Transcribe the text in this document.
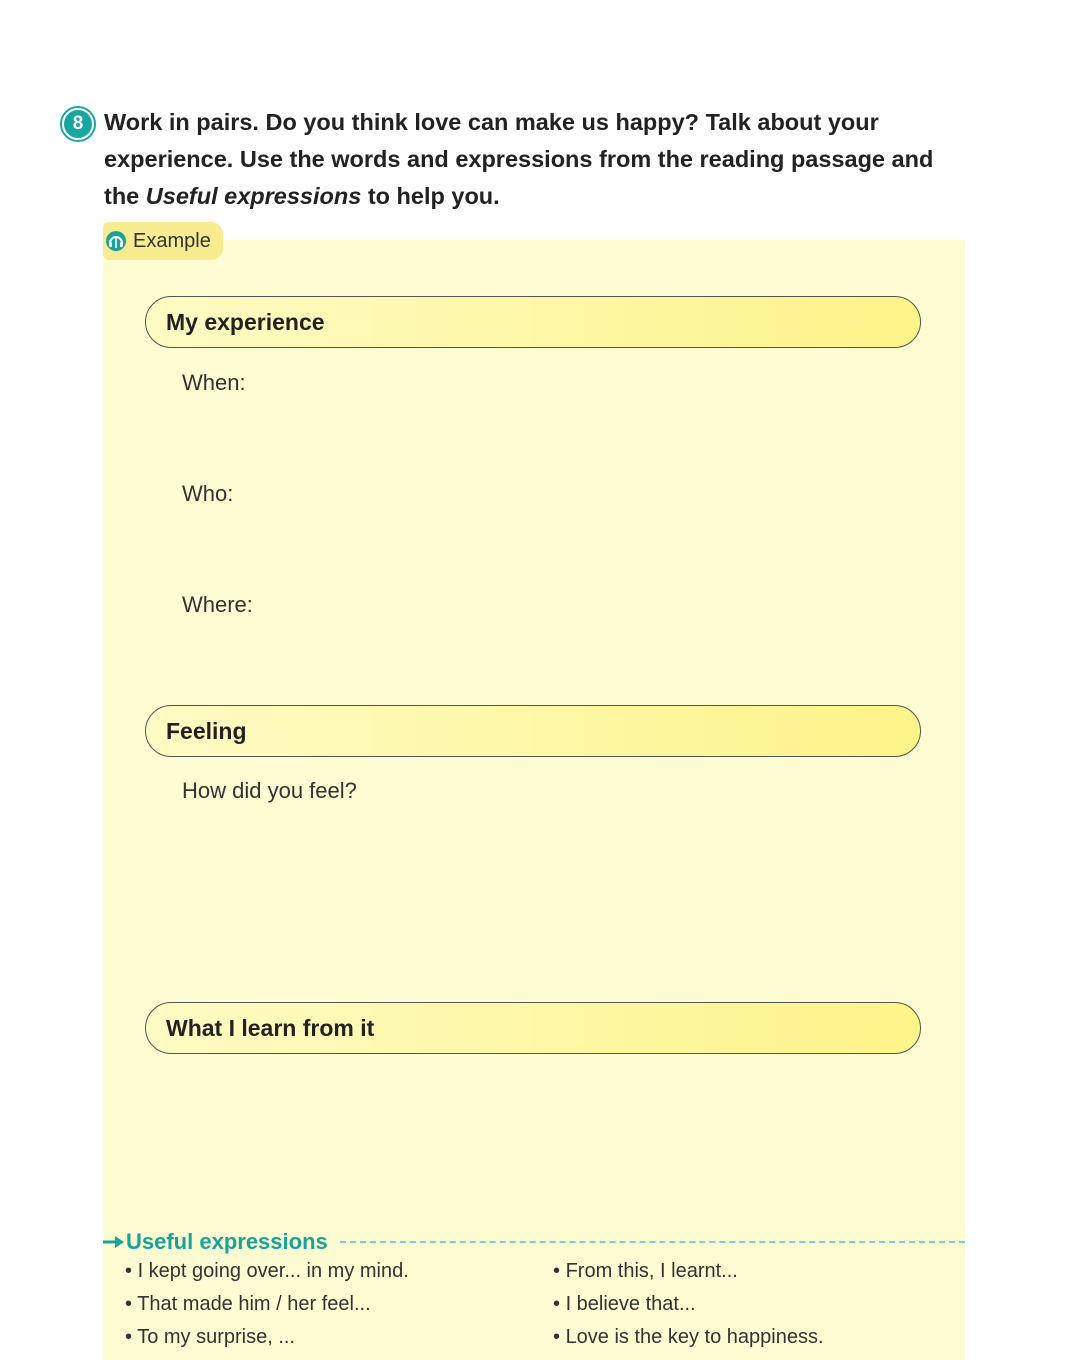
8 Work in pairs. Do you think love can make us happy? Talk about your
experience. Use the words and expressions from the reading passage and
the Useful expressions to help you.
My experience
When:
Who:
Where:
Feeling
How did you feel?
What I learn from it
Example
Useful expressions
• I kept going over... in my mind.
• That made him / her feel...
• To my surprise, ...
• From this, I learnt...
• I believe that...
• Love is the key to happiness.
